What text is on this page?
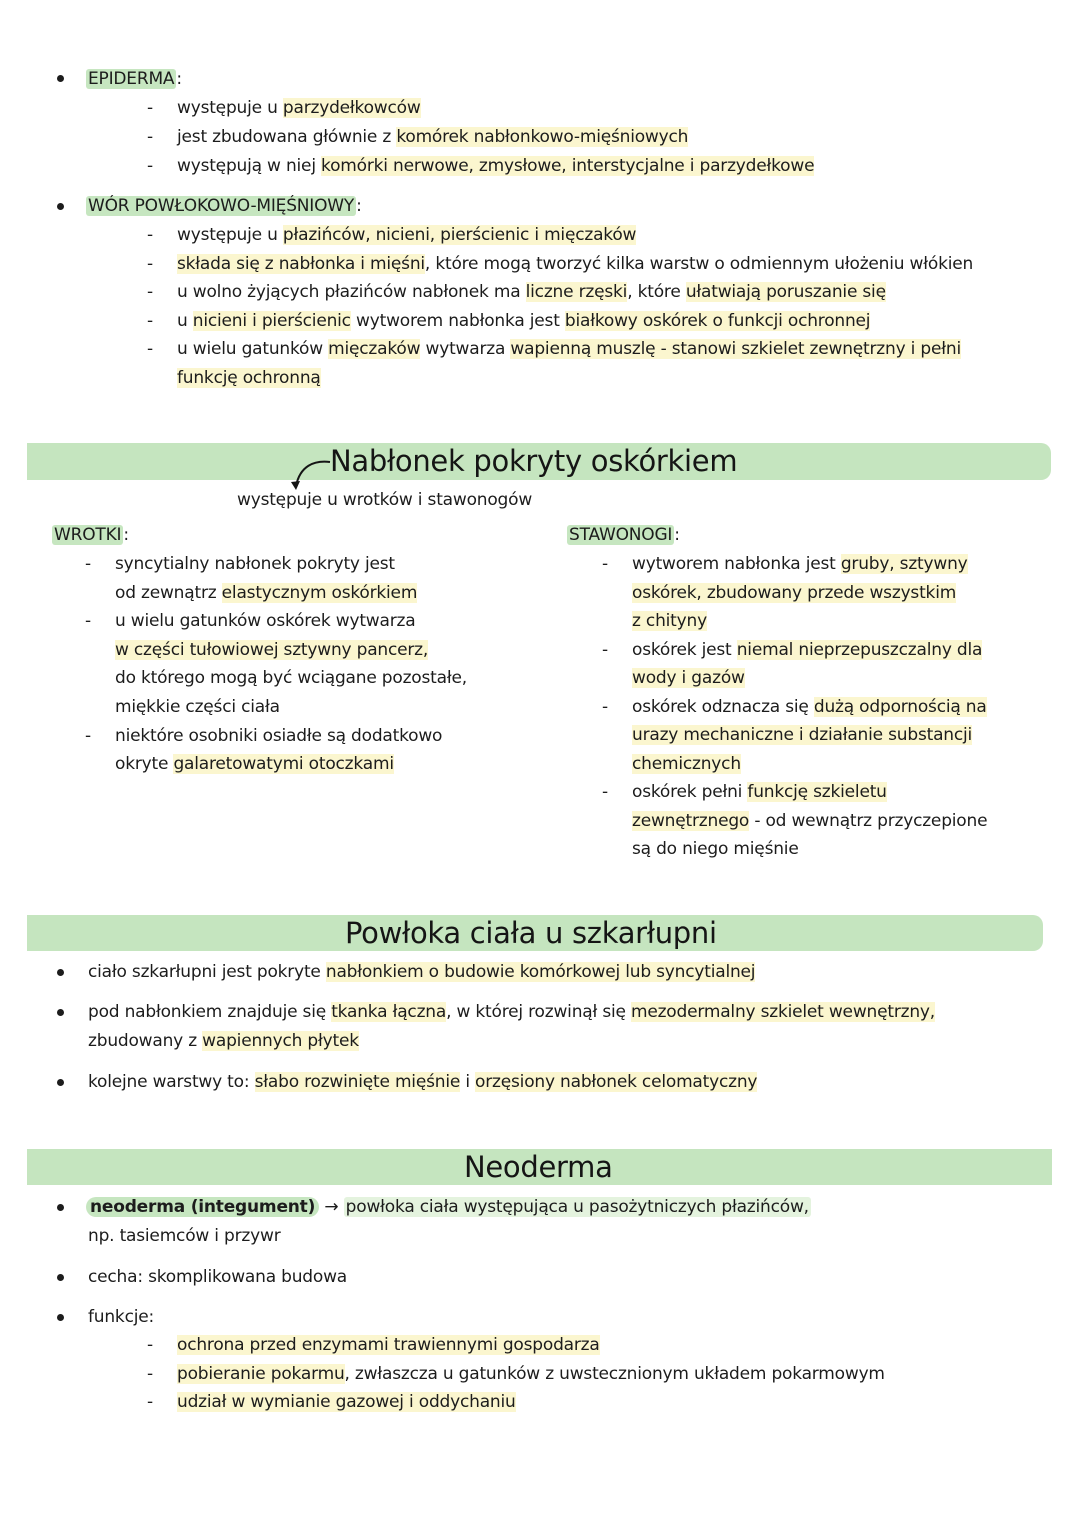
EPIDERMA :
- występuje u parzydełkowców
- jest zbudowana głównie z komórek nabłonkowo-mięśniowych
- występują w niej komórki nerwowe, zmysłowe, interstycjalne i parzydełkowe
WÓR POWŁOKOWO-MIĘŚNIOWY :
- występuje u płazińców, nicieni, pierścienic i mięczaków
- składa się z nabłonka i mięśni, które mogą tworzyć kilka warstw o odmiennym ułożeniu włókien
- u wolno żyjących płazińców nabłonek ma liczne rzęski, które ułatwiają poruszanie się
- u nicieni i pierścienic wytworem nabłonka jest białkowy oskórek o funkcji ochronnej
- u wielu gatunków mięczaków wytwarza wapienną muszlę - stanowi szkielet zewnętrzny i pełni
funkcję ochronną
Nabłonek pokryty oskórkiem
występuje u wrotków i stawonogów
WROTKI :
- syncytialny nabłonek pokryty jest
od zewnątrz elastycznym oskórkiem
- u wielu gatunków oskórek wytwarza
w części tułowiowej sztywny pancerz,
do którego mogą być wciągane pozostałe,
miękkie części ciała
- niektóre osobniki osiadłe są dodatkowo
okryte galaretowatymi otoczkami
STAWONOGI :
- wytworem nabłonka jest gruby, sztywny
oskórek, zbudowany przede wszystkim
z chityny
- oskórek jest niemal nieprzepuszczalny dla
wody i gazów
- oskórek odznacza się dużą odpornością na
urazy mechaniczne i działanie substancji
chemicznych
- oskórek pełni funkcję szkieletu
zewnętrznego - od wewnątrz przyczepione
są do niego mięśnie
Powłoka ciała u szkarłupni
ciało szkarłupni jest pokryte nabłonkiem o budowie komórkowej lub syncytialnej
pod nabłonkiem znajduje się tkanka łączna, w której rozwinął się mezodermalny szkielet wewnętrzny,
zbudowany z wapiennych płytek
kolejne warstwy to: słabo rozwinięte mięśnie i orzęsiony nabłonek celomatyczny
Neoderma
neoderma (integument) → powłoka ciała występująca u pasożytniczych płazińców,
np. tasiemców i przywr
cecha: skomplikowana budowa
funkcje:
- ochrona przed enzymami trawiennymi gospodarza
- pobieranie pokarmu, zwłaszcza u gatunków z uwstecznionym układem pokarmowym
- udział w wymianie gazowej i oddychaniu
